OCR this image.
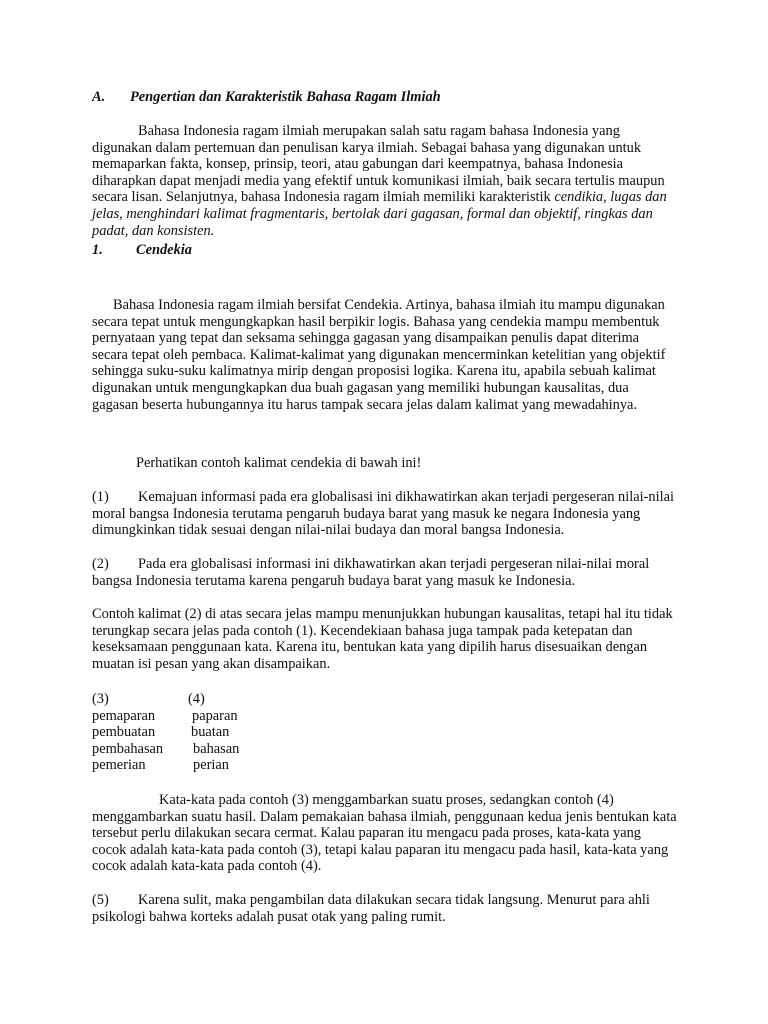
A. Pengertian dan Karakteristik Bahasa Ragam Ilmiah

Bahasa Indonesia ragam ilmiah merupakan salah satu ragam bahasa Indonesia yang digunakan dalam pertemuan dan penulisan karya ilmiah. Sebagai bahasa yang digunakan untuk memaparkan fakta, konsep, prinsip, teori, atau gabungan dari keempatnya, bahasa Indonesia diharapkan dapat menjadi media yang efektif untuk komunikasi ilmiah, baik secara tertulis maupun secara lisan. Selanjutnya, bahasa Indonesia ragam ilmiah memiliki karakteristik cendikia, lugas dan jelas, menghindari kalimat fragmentaris, bertolak dari gagasan, formal dan objektif, ringkas dan padat, dan konsisten.

1. Cendekia

Bahasa Indonesia ragam ilmiah bersifat Cendekia. Artinya, bahasa ilmiah itu mampu digunakan secara tepat untuk mengungkapkan hasil berpikir logis. Bahasa yang cendekia mampu membentuk pernyataan yang tepat dan seksama sehingga gagasan yang disampaikan penulis dapat diterima secara tepat oleh pembaca. Kalimat-kalimat yang digunakan mencerminkan ketelitian yang objektif sehingga suku-suku kalimatnya mirip dengan proposisi logika. Karena itu, apabila sebuah kalimat digunakan untuk mengungkapkan dua buah gagasan yang memiliki hubungan kausalitas, dua gagasan beserta hubungannya itu harus tampak secara jelas dalam kalimat yang mewadahinya.

Perhatikan contoh kalimat cendekia di bawah ini!

(1) Kemajuan informasi pada era globalisasi ini dikhawatirkan akan terjadi pergeseran nilai-nilai moral bangsa Indonesia terutama pengaruh budaya barat yang masuk ke negara Indonesia yang dimungkinkan tidak sesuai dengan nilai-nilai budaya dan moral bangsa Indonesia.

(2) Pada era globalisasi informasi ini dikhawatirkan akan terjadi pergeseran nilai-nilai moral bangsa Indonesia terutama karena pengaruh budaya barat yang masuk ke Indonesia.

Contoh kalimat (2) di atas secara jelas mampu menunjukkan hubungan kausalitas, tetapi hal itu tidak terungkap secara jelas pada contoh (1). Kecendekiaan bahasa juga tampak pada ketepatan dan keseksamaan penggunaan kata. Karena itu, bentukan kata yang dipilih harus disesuaikan dengan muatan isi pesan yang akan disampaikan.

(3)	(4)
pemaparan	paparan
pembuatan buatan
pembahasan bahasan
pemerian	perian

Kata-kata pada contoh (3) menggambarkan suatu proses, sedangkan contoh (4) menggambarkan suatu hasil. Dalam pemakaian bahasa ilmiah, penggunaan kedua jenis bentukan kata tersebut perlu dilakukan secara cermat. Kalau paparan itu mengacu pada proses, kata-kata yang cocok adalah kata-kata pada contoh (3), tetapi kalau paparan itu mengacu pada hasil, kata-kata yang cocok adalah kata-kata pada contoh (4).

(5) Karena sulit, maka pengambilan data dilakukan secara tidak langsung. Menurut para ahli psikologi bahwa korteks adalah pusat otak yang paling rumit.
